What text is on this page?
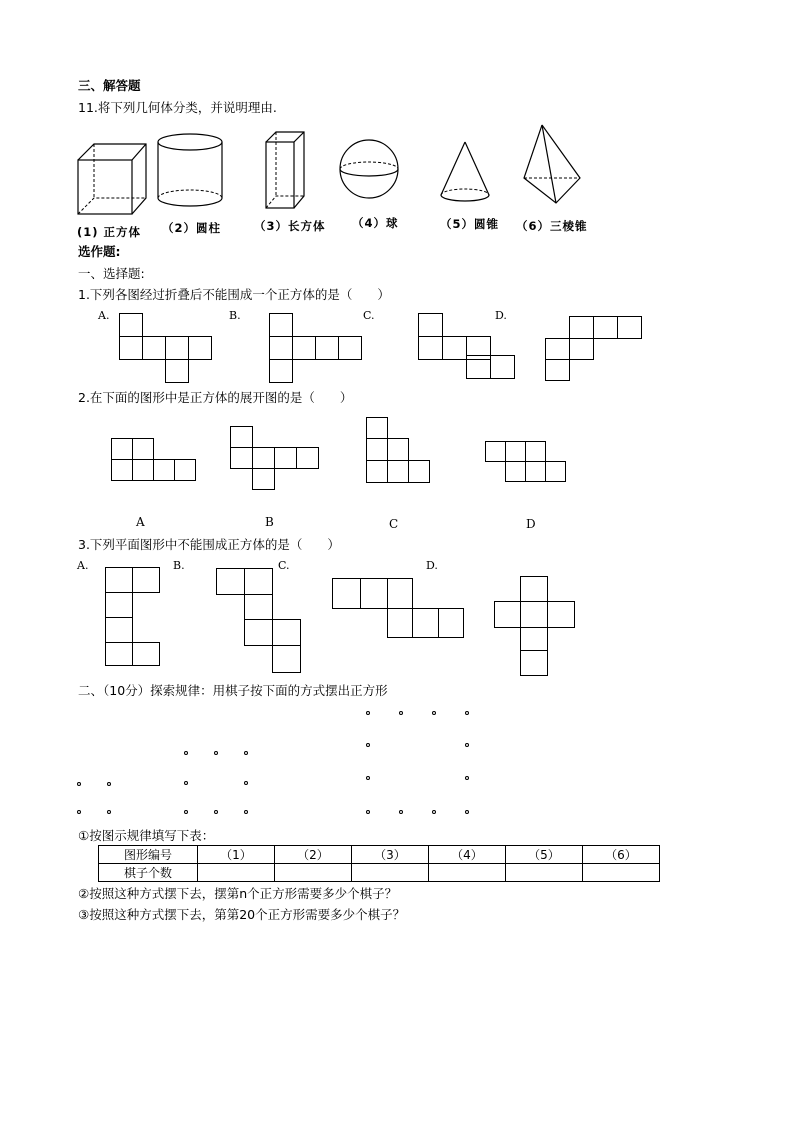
三、解答题
11.将下列几何体分类，并说明理由.
(1) 正方体 （2）圆柱	（3）长方体 （4）球	（5）圆锥 （6）三棱锥
选作题:
一、选择题:
1.下列各图经过折叠后不能围成一个正方体的是（　　）
A.	B.	C.	D.
2.在下面的图形中是正方体的展开图的是（　　）
A	B	C	D
3.下列平面图形中不能围成正方体的是（　　）
A.	B.	C.	D.
二、（10分）探索规律：用棋子按下面的方式摆出正方形
①按图示规律填写下表：
图形编号	（1）	（2）	（3）	（4）	（5）	（6）
棋子个数						
②按照这种方式摆下去，摆第n个正方形需要多少个棋子？
③按照这种方式摆下去，第第20个正方形需要多少个棋子？
